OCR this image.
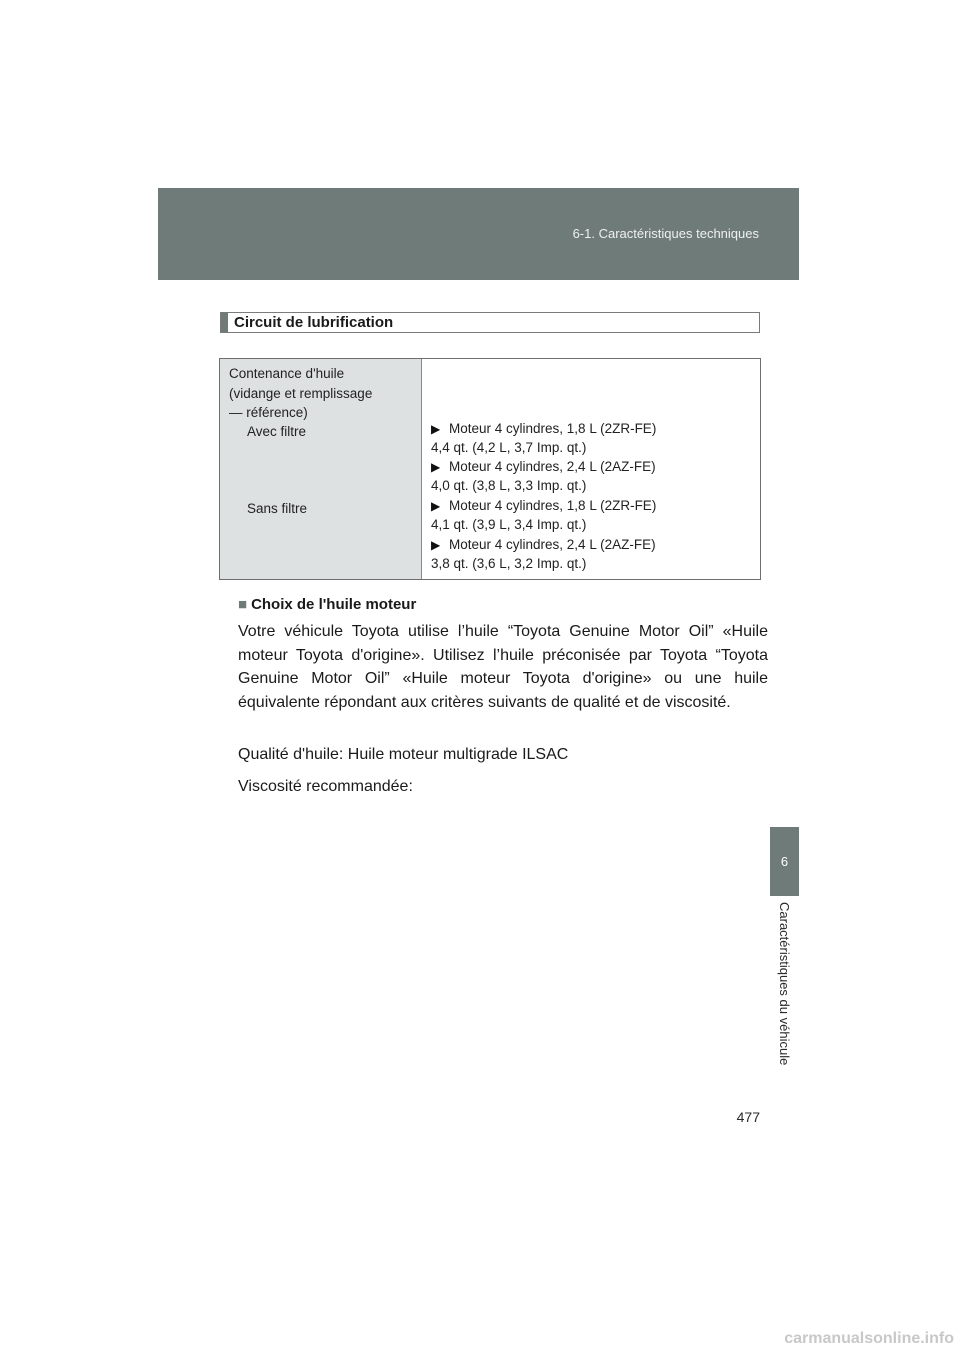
6-1. Caractéristiques techniques
Circuit de lubrification
Contenance d'huile
(vidange et remplissage
— référence)
Avec filtre
Sans filtre
▶ Moteur 4 cylindres, 1,8 L (2ZR-FE)
4,4 qt. (4,2 L, 3,7 Imp. qt.)
▶ Moteur 4 cylindres, 2,4 L (2AZ-FE)
4,0 qt. (3,8 L, 3,3 Imp. qt.)
▶ Moteur 4 cylindres, 1,8 L (2ZR-FE)
4,1 qt. (3,9 L, 3,4 Imp. qt.)
▶ Moteur 4 cylindres, 2,4 L (2AZ-FE)
3,8 qt. (3,6 L, 3,2 Imp. qt.)
■ Choix de l'huile moteur
Votre véhicule Toyota utilise l’huile “Toyota Genuine Motor Oil” «Huile moteur Toyota d'origine». Utilisez l’huile préconisée par Toyota “Toyota Genuine Motor Oil” «Huile moteur Toyota d'origine» ou une huile équivalente répondant aux critères suivants de qualité et de viscosité.
Qualité d'huile: Huile moteur multigrade ILSAC
Viscosité recommandée:
6
Caractéristiques du véhicule
477
carmanualsonline.info
